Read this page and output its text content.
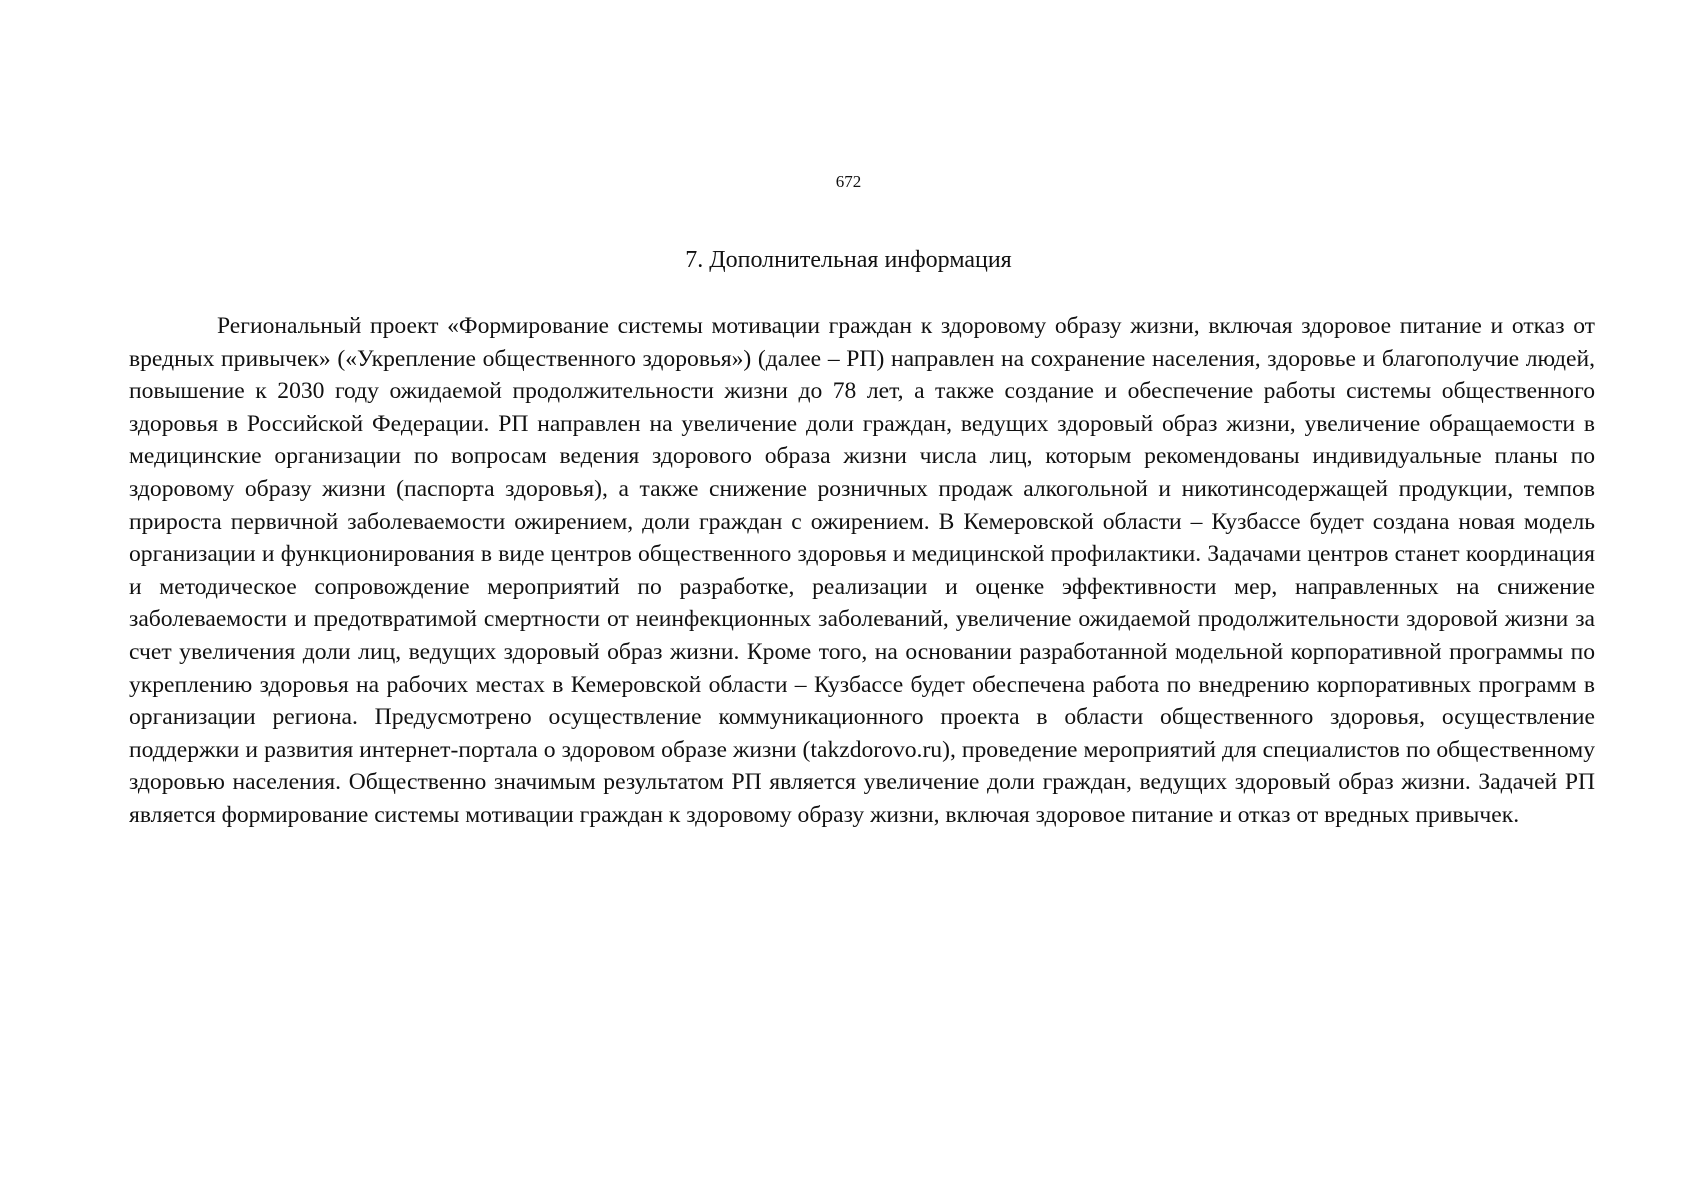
672
7. Дополнительная информация

Региональный проект «Формирование системы мотивации граждан к здоровому образу жизни, включая здоровое питание и отказ от вредных привычек» («Укрепление общественного здоровья») (далее – РП) направлен на сохранение населения, здоровье и благополучие людей, повышение к 2030 году ожидаемой продолжительности жизни до 78 лет, а также создание и обеспечение работы системы общественного здоровья в Российской Федерации. РП направлен на увеличение доли граждан, ведущих здоровый образ жизни, увеличение обращаемости в медицинские организации по вопросам ведения здорового образа жизни числа лиц, которым рекомендованы индивидуальные планы по здоровому образу жизни (паспорта здоровья), а также снижение розничных продаж алкогольной и никотинсодержащей продукции, темпов прироста первичной заболеваемости ожирением, доли граждан с ожирением. В Кемеровской области – Кузбассе будет создана новая модель организации и функционирования в виде центров общественного здоровья и медицинской профилактики. Задачами центров станет координация и методическое сопровождение мероприятий по разработке, реализации и оценке эффективности мер, направленных на снижение заболеваемости и предотвратимой смертности от неинфекционных заболеваний, увеличение ожидаемой продолжительности здоровой жизни за счет увеличения доли лиц, ведущих здоровый образ жизни. Кроме того, на основании разработанной модельной корпоративной программы по укреплению здоровья на рабочих местах в Кемеровской области – Кузбассе будет обеспечена работа по внедрению корпоративных программ в организации региона. Предусмотрено осуществление коммуникационного проекта в области общественного здоровья, осуществление поддержки и развития интернет-портала о здоровом образе жизни (takzdorovo.ru), проведение мероприятий для специалистов по общественному здоровью населения. Общественно значимым результатом РП является увеличение доли граждан, ведущих здоровый образ жизни. Задачей РП является формирование системы мотивации граждан к здоровому образу жизни, включая здоровое питание и отказ от вредных привычек.
